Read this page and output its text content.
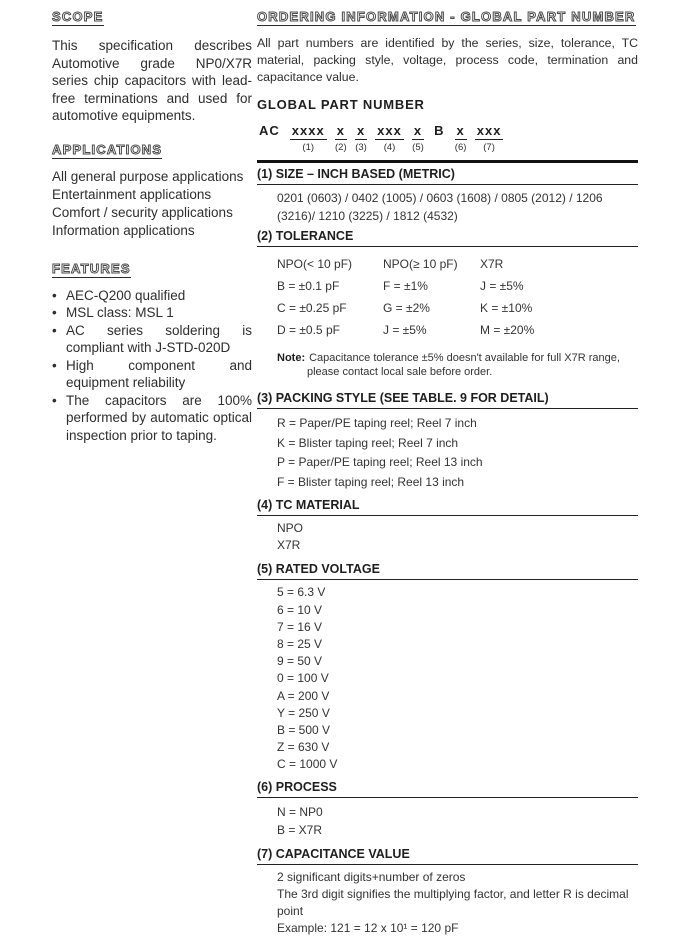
SCOPE
This specification describes Automotive grade NP0/X7R series chip capacitors with lead-free terminations and used for automotive equipments.
APPLICATIONS
All general purpose applications
Entertainment applications
Comfort / security applications
Information applications
FEATURES
• AEC-Q200 qualified
• MSL class: MSL 1
• AC series soldering is compliant with J-STD-020D
• High component and equipment reliability
• The capacitors are 100% performed by automatic optical inspection prior to taping.
ORDERING INFORMATION - GLOBAL PART NUMBER
All part numbers are identified by the series, size, tolerance, TC material, packing style, voltage, process code, termination and capacitance value.
GLOBAL PART NUMBER
AC xxxx
(1)
x
(2)
x
(3)
xxx
(4)
x
(5)
B x
(6)
xxx
(7)
(1) SIZE – INCH BASED (METRIC)
0201 (0603) / 0402 (1005) / 0603 (1608) / 0805 (2012) / 1206 (3216)/ 1210 (3225) / 1812 (4532)
(2) TOLERANCE
NPO(< 10 pF)
B = ±0.1 pF
C = ±0.25 pF
D = ±0.5 pF
NPO(≥ 10 pF)
F = ±1%
G = ±2%
J = ±5%
X7R
J = ±5%
K = ±10%
M = ±20%
Note: Capacitance tolerance ±5% doesn't available for full X7R range,
please contact local sale before order.
(3) PACKING STYLE (SEE TABLE. 9 FOR DETAIL)
R = Paper/PE taping reel; Reel 7 inch
K = Blister taping reel; Reel 7 inch
P = Paper/PE taping reel; Reel 13 inch
F = Blister taping reel; Reel 13 inch
(4) TC MATERIAL
NPO
X7R
(5) RATED VOLTAGE
5 = 6.3 V
6 = 10 V
7 = 16 V
8 = 25 V
9 = 50 V
0 = 100 V
A = 200 V
Y = 250 V
B = 500 V
Z = 630 V
C = 1000 V
(6) PROCESS
N = NP0
B = X7R
(7) CAPACITANCE VALUE
2 significant digits+number of zeros
The 3rd digit signifies the multiplying factor, and letter R is decimal point
Example: 121 = 12 x 10¹ = 120 pF
